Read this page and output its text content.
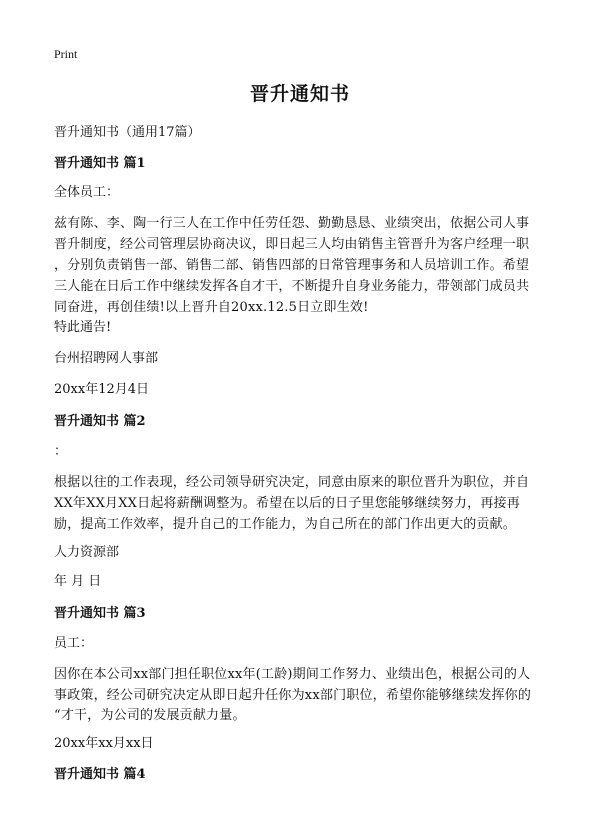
Print
晋升通知书
晋升通知书（通用17篇）
晋升通知书 篇1
全体员工：
兹有陈、李、陶一行三人在工作中任劳任怨、勤勤恳恳、业绩突出，依据公司人事
晋升制度，经公司管理层协商决议，即日起三人均由销售主管晋升为客户经理一职
，分别负责销售一部、销售二部、销售四部的日常管理事务和人员培训工作。希望
三人能在日后工作中继续发挥各自才干，不断提升自身业务能力，带领部门成员共
同奋进，再创佳绩!以上晋升自20xx.12.5日立即生效!
特此通告!
台州招聘网人事部
20xx年12月4日
晋升通知书 篇2
：
根据以往的工作表现，经公司领导研究决定，同意由原来的职位晋升为职位，并自
XX年XX月XX日起将薪酬调整为。希望在以后的日子里您能够继续努力，再接再
励，提高工作效率，提升自己的工作能力，为自己所在的部门作出更大的贡献。
人力资源部
年 月 日
晋升通知书 篇3
员工：
因你在本公司xx部门担任职位xx年(工龄)期间工作努力、业绩出色，根据公司的人
事政策，经公司研究决定从即日起升任你为xx部门职位，希望你能够继续发挥你的
“才干，为公司的发展贡献力量。
20xx年xx月xx日
晋升通知书 篇4
